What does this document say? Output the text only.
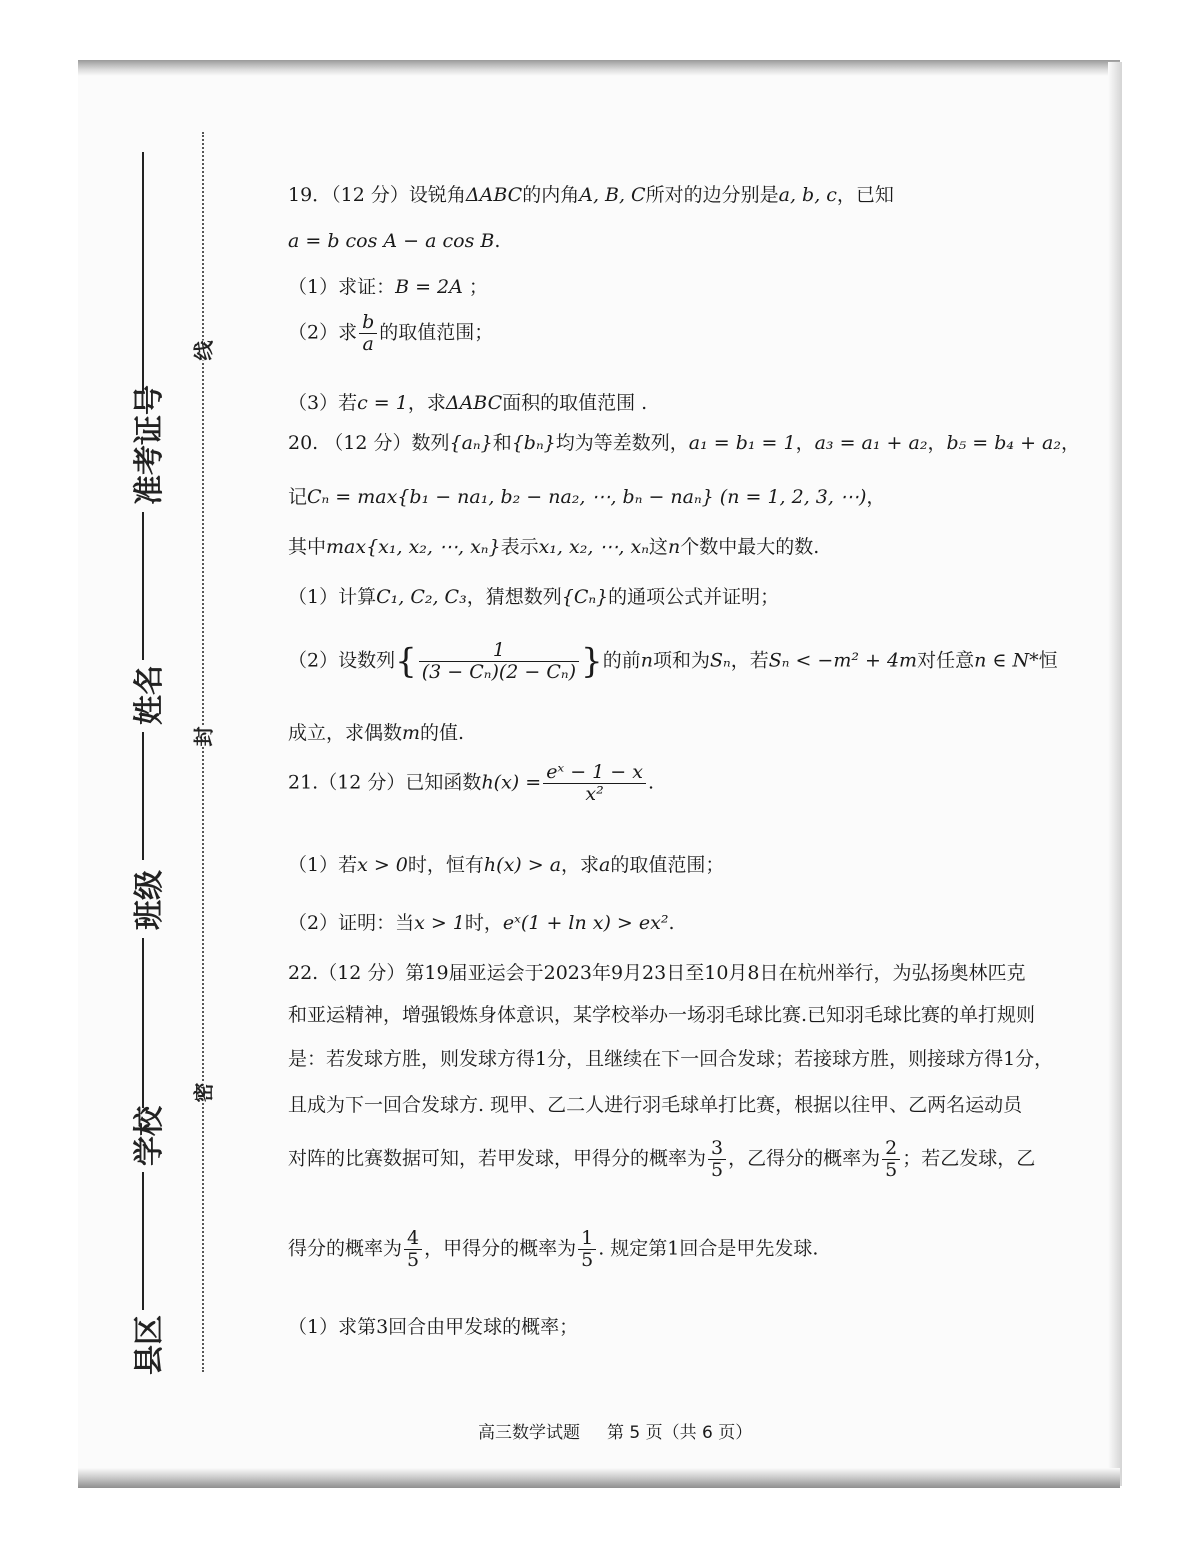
准考证号
姓名
班级
学校
县区
线
封
密
19．（12 分）设锐角ΔABC的内角A, B, C所对的边分别是a, b, c，已知
a = b cos A − a cos B.
（1）求证：B = 2A ；
（2）求 $\frac{b}{a}$ 的取值范围；
（3）若c = 1，求ΔABC面积的取值范围 .
20. （12 分）数列{aₙ}和{bₙ}均为等差数列，a₁ = b₁ = 1，a₃ = a₁ + a₂，b₅ = b₄ + a₂，
记Cₙ = max{b₁ − na₁, b₂ − na₂, ⋯, bₙ − naₙ} (n = 1, 2, 3, ⋯)，
其中max{x₁, x₂, ⋯, xₙ}表示x₁, x₂, ⋯, xₙ这n个数中最大的数.
（1）计算C₁, C₂, C₃，猜想数列{Cₙ}的通项公式并证明；
（2）设数列{ $\frac{1}{\text{(3 − Cₙ)(2 − Cₙ)}}$ }的前n项和为Sₙ，若Sₙ < −m² + 4m对任意n ∈ N*恒
成立，求偶数m的值.
21.（12 分）已知函数$h(x) = \frac{\text{eˣ − 1 − x}}{\text{x²}}$ .
（1）若x > 0时，恒有h(x) > a，求a的取值范围；
（2）证明：当x > 1时，eˣ(1 + ln x) > ex².
22.（12 分）第19届亚运会于2023年9月23日至10月8日在杭州举行，为弘扬奥林匹克
和亚运精神，增强锻炼身体意识，某学校举办一场羽毛球比赛.已知羽毛球比赛的单打规则
是：若发球方胜，则发球方得1分，且继续在下一回合发球；若接球方胜，则接球方得1分，
且成为下一回合发球方. 现甲、乙二人进行羽毛球单打比赛，根据以往甲、乙两名运动员
对阵的比赛数据可知，若甲发球，甲得分的概率为 $\frac{3}{5}$ ，乙得分的概率为 $\frac{2}{5}$ ；若乙发球，乙
得分的概率为 $\frac{4}{5}$ ，甲得分的概率为 $\frac{1}{5}$ . 规定第1回合是甲先发球.
（1）求第3回合由甲发球的概率；
高三数学试题 第 5 页（共 6 页）
